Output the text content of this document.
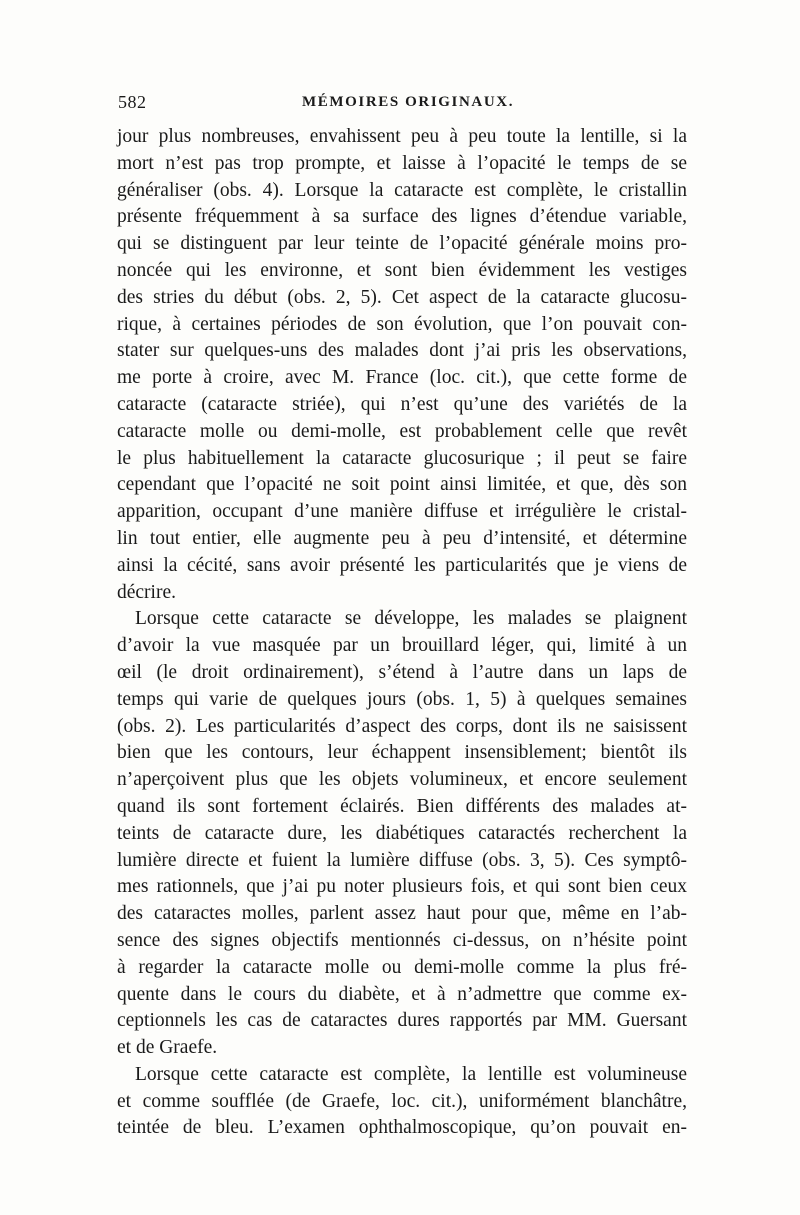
582	MÉMOIRES ORIGINAUX.
jour plus nombreuses, envahissent peu à peu toute la lentille, si la
mort n’est pas trop prompte, et laisse à l’opacité le temps de se
généraliser (obs. 4). Lorsque la cataracte est complète, le cristallin
présente fréquemment à sa surface des lignes d’étendue variable,
qui se distinguent par leur teinte de l’opacité générale moins pro-
noncée qui les environne, et sont bien évidemment les vestiges
des stries du début (obs. 2, 5). Cet aspect de la cataracte glucosu-
rique, à certaines périodes de son évolution, que l’on pouvait con-
stater sur quelques-uns des malades dont j’ai pris les observations,
me porte à croire, avec M. France (loc. cit.), que cette forme de
cataracte (cataracte striée), qui n’est qu’une des variétés de la
cataracte molle ou demi-molle, est probablement celle que revêt
le plus habituellement la cataracte glucosurique ; il peut se faire
cependant que l’opacité ne soit point ainsi limitée, et que, dès son
apparition, occupant d’une manière diffuse et irrégulière le cristal-
lin tout entier, elle augmente peu à peu d’intensité, et détermine
ainsi la cécité, sans avoir présenté les particularités que je viens de
décrire.
Lorsque cette cataracte se développe, les malades se plaignent
d’avoir la vue masquée par un brouillard léger, qui, limité à un
œil (le droit ordinairement), s’étend à l’autre dans un laps de
temps qui varie de quelques jours (obs. 1, 5) à quelques semaines
(obs. 2). Les particularités d’aspect des corps, dont ils ne saisissent
bien que les contours, leur échappent insensiblement; bientôt ils
n’aperçoivent plus que les objets volumineux, et encore seulement
quand ils sont fortement éclairés. Bien différents des malades at-
teints de cataracte dure, les diabétiques cataractés recherchent la
lumière directe et fuient la lumière diffuse (obs. 3, 5). Ces symptô-
mes rationnels, que j’ai pu noter plusieurs fois, et qui sont bien ceux
des cataractes molles, parlent assez haut pour que, même en l’ab-
sence des signes objectifs mentionnés ci-dessus, on n’hésite point
à regarder la cataracte molle ou demi-molle comme la plus fré-
quente dans le cours du diabète, et à n’admettre que comme ex-
ceptionnels les cas de cataractes dures rapportés par MM. Guersant
et de Graefe.
Lorsque cette cataracte est complète, la lentille est volumineuse
et comme soufflée (de Graefe, loc. cit.), uniformément blanchâtre,
teintée de bleu. L’examen ophthalmoscopique, qu’on pouvait en-
